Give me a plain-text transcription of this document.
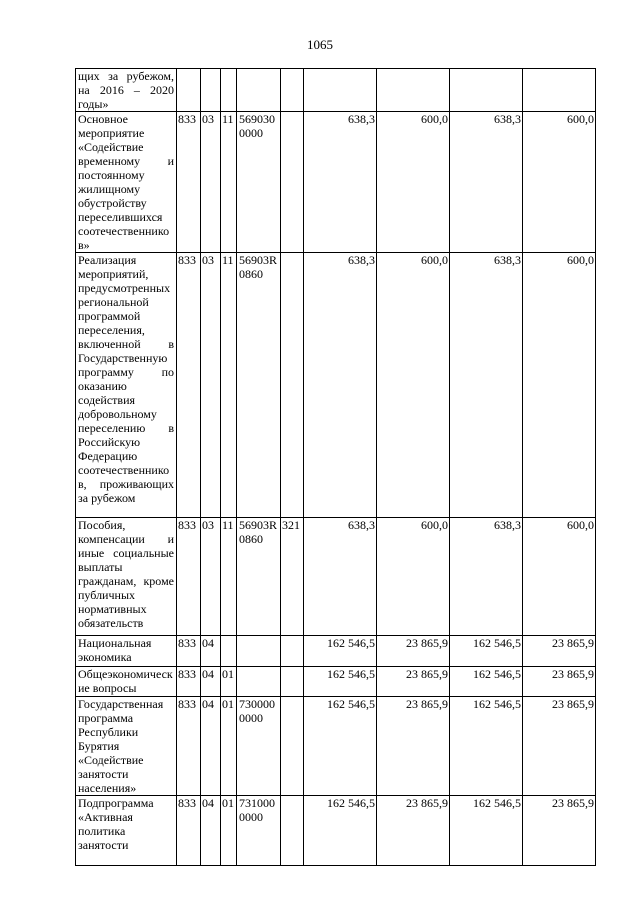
1065
щих за рубежом, на 2016 – 2020 годы»									
Основное мероприятие «Содействие временному и постоянному жилищному обустройству переселившихся соотечественников»	833	03	11	5690300000		638,3	600,0	638,3	600,0
Реализация мероприятий, предусмотренных региональной программой переселения, включенной в Государственную программу по оказанию содействия добровольному переселению в Российскую Федерацию соотечественников, проживающих за рубежом	833	03	11	56903R0860		638,3	600,0	638,3	600,0
Пособия, компенсации и иные социальные выплаты гражданам, кроме публичных нормативных обязательств	833	03	11	56903R0860	321	638,3	600,0	638,3	600,0
Национальная экономика	833	04				162 546,5	23 865,9	162 546,5	23 865,9
Общеэкономические вопросы	833	04	01			162 546,5	23 865,9	162 546,5	23 865,9
Государственная программа Республики Бурятия «Содействие занятости населения»	833	04	01	7300000000		162 546,5	23 865,9	162 546,5	23 865,9
Подпрограмма «Активная политика занятости	833	04	01	7310000000		162 546,5	23 865,9	162 546,5	23 865,9
